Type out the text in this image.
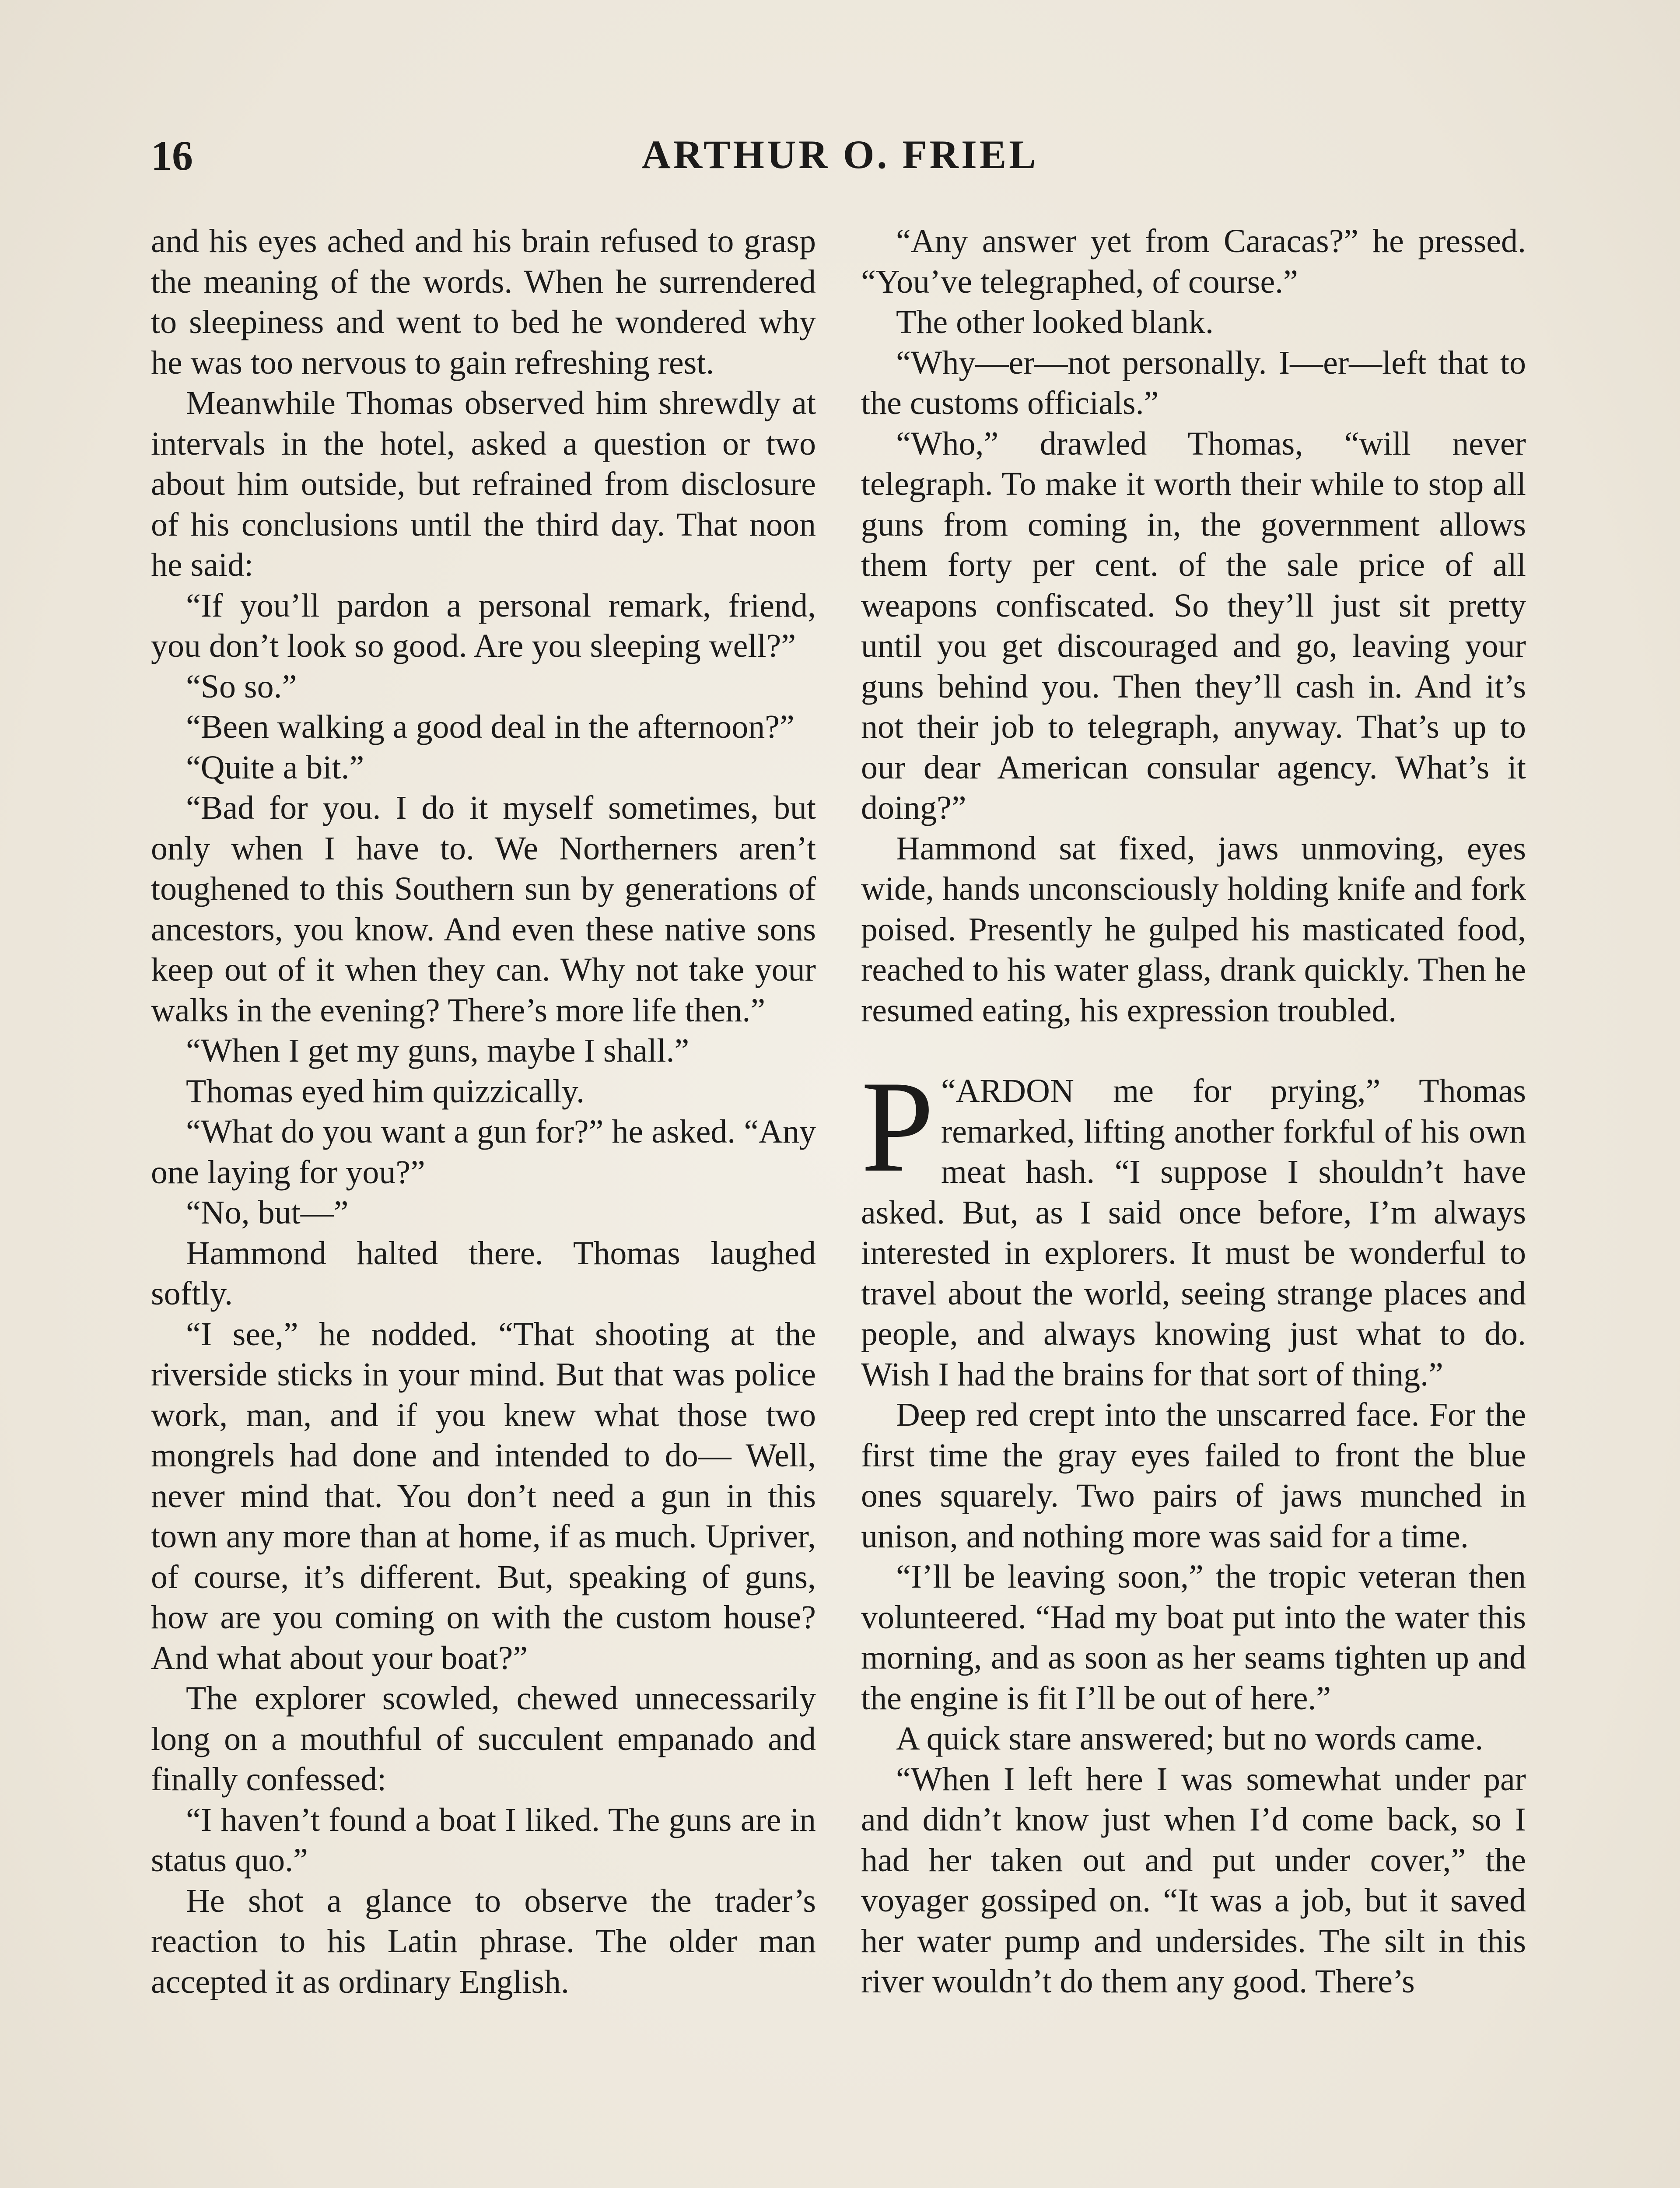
16	ARTHUR O. FRIEL

and his eyes ached and his brain refused to grasp the meaning of the words. When he surrendered to sleepiness and went to bed he wondered why he was too nervous to gain refreshing rest.

Meanwhile Thomas observed him shrewdly at intervals in the hotel, asked a question or two about him outside, but refrained from disclosure of his conclusions until the third day. That noon he said:

“If you’ll pardon a personal remark, friend, you don’t look so good. Are you sleeping well?”

“So so.”

“Been walking a good deal in the afternoon?”

“Quite a bit.”

“Bad for you. I do it myself sometimes, but only when I have to. We Northerners aren’t toughened to this Southern sun by generations of ancestors, you know. And even these native sons keep out of it when they can. Why not take your walks in the evening? There’s more life then.”

“When I get my guns, maybe I shall.”

Thomas eyed him quizzically.

“What do you want a gun for?” he asked. “Any one laying for you?”

“No, but—”

Hammond halted there. Thomas laughed softly.

“I see,” he nodded. “That shooting at the riverside sticks in your mind. But that was police work, man, and if you knew what those two mongrels had done and intended to do— Well, never mind that. You don’t need a gun in this town any more than at home, if as much. Upriver, of course, it’s different. But, speaking of guns, how are you coming on with the custom house? And what about your boat?”

The explorer scowled, chewed unnecessarily long on a mouthful of succulent empanado and finally confessed:

“I haven’t found a boat I liked. The guns are in status quo.”

He shot a glance to observe the trader’s reaction to his Latin phrase. The older man accepted it as ordinary English.

“Any answer yet from Caracas?” he pressed. “You’ve telegraphed, of course.”

The other looked blank.

“Why—er—not personally. I—er—left that to the customs officials.”

“Who,” drawled Thomas, “will never telegraph. To make it worth their while to stop all guns from coming in, the government allows them forty per cent. of the sale price of all weapons confiscated. So they’ll just sit pretty until you get discouraged and go, leaving your guns behind you. Then they’ll cash in. And it’s not their job to telegraph, anyway. That’s up to our dear American consular agency. What’s it doing?”

Hammond sat fixed, jaws unmoving, eyes wide, hands unconsciously holding knife and fork poised. Presently he gulped his masticated food, reached to his water glass, drank quickly. Then he resumed eating, his expression troubled.

P “ARDON me for prying,” Thomas remarked, lifting another forkful of his own meat hash. “I suppose I shouldn’t have asked. But, as I said once before, I’m always interested in explorers. It must be wonderful to travel about the world, seeing strange places and people, and always knowing just what to do. Wish I had the brains for that sort of thing.”

Deep red crept into the unscarred face. For the first time the gray eyes failed to front the blue ones squarely. Two pairs of jaws munched in unison, and nothing more was said for a time.

“I’ll be leaving soon,” the tropic veteran then volunteered. “Had my boat put into the water this morning, and as soon as her seams tighten up and the engine is fit I’ll be out of here.”

A quick stare answered; but no words came.

“When I left here I was somewhat under par and didn’t know just when I’d come back, so I had her taken out and put under cover,” the voyager gossiped on. “It was a job, but it saved her water pump and undersides. The silt in this river wouldn’t do them any good. There’s
